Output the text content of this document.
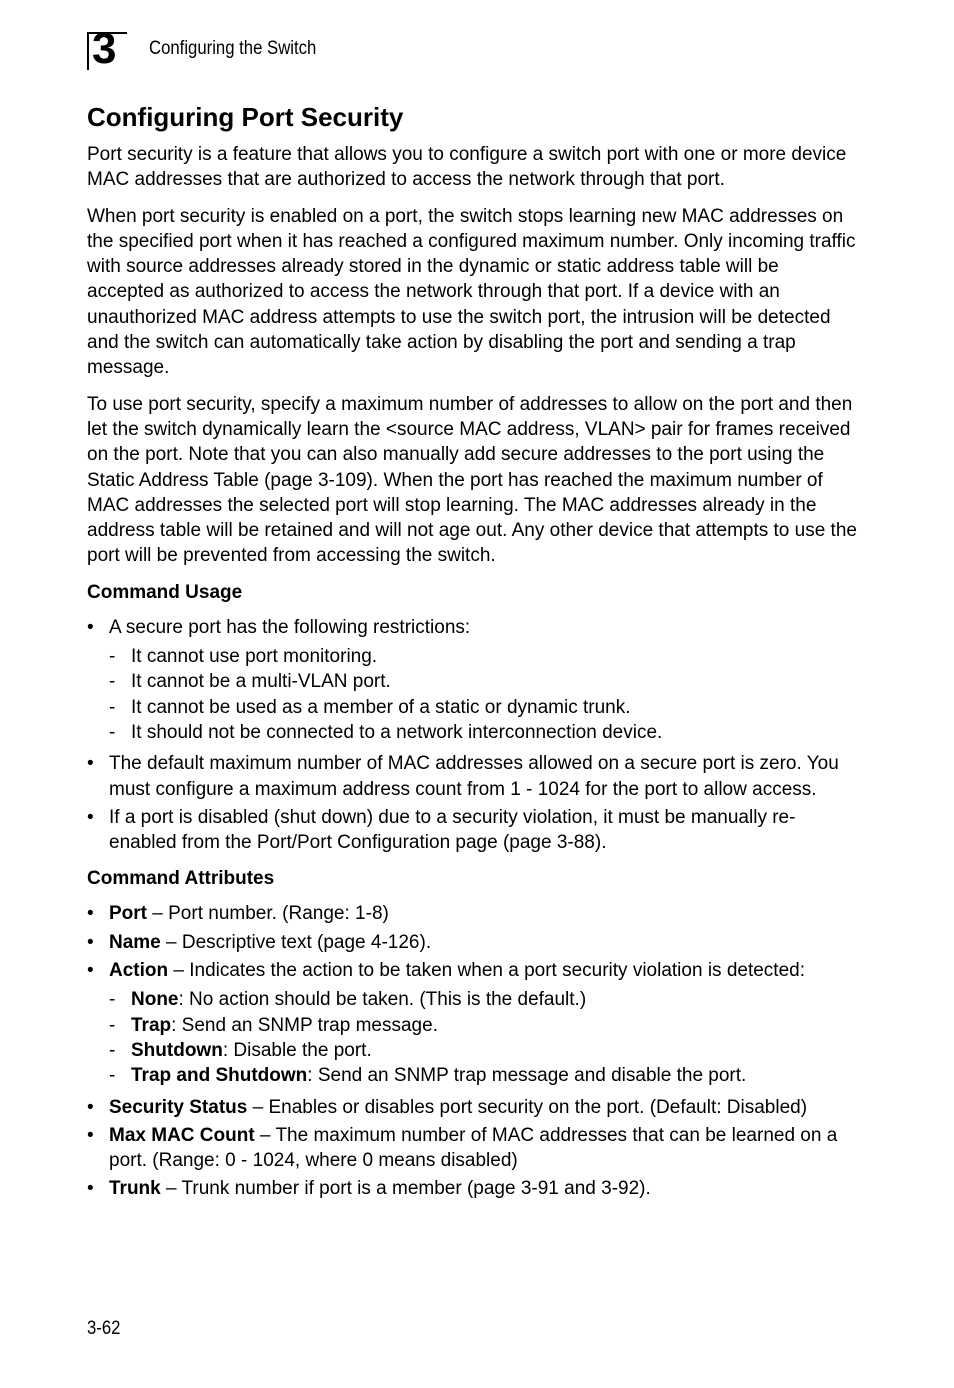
3 Configuring the Switch
Configuring Port Security

Port security is a feature that allows you to configure a switch port with one or more device MAC addresses that are authorized to access the network through that port.

When port security is enabled on a port, the switch stops learning new MAC addresses on the specified port when it has reached a configured maximum number. Only incoming traffic with source addresses already stored in the dynamic or static address table will be accepted as authorized to access the network through that port. If a device with an unauthorized MAC address attempts to use the switch port, the intrusion will be detected and the switch can automatically take action by disabling the port and sending a trap message.

To use port security, specify a maximum number of addresses to allow on the port and then let the switch dynamically learn the <source MAC address, VLAN> pair for frames received on the port. Note that you can also manually add secure addresses to the port using the Static Address Table (page 3-109). When the port has reached the maximum number of MAC addresses the selected port will stop learning. The MAC addresses already in the address table will be retained and will not age out. Any other device that attempts to use the port will be prevented from accessing the switch.

Command Usage
• A secure port has the following restrictions:
- It cannot use port monitoring.
- It cannot be a multi-VLAN port.
- It cannot be used as a member of a static or dynamic trunk.
- It should not be connected to a network interconnection device.
• The default maximum number of MAC addresses allowed on a secure port is zero. You must configure a maximum address count from 1 - 1024 for the port to allow access.
• If a port is disabled (shut down) due to a security violation, it must be manually re-enabled from the Port/Port Configuration page (page 3-88).
Command Attributes
• Port – Port number. (Range: 1-8)
• Name – Descriptive text (page 4-126).
• Action – Indicates the action to be taken when a port security violation is detected:
- None: No action should be taken. (This is the default.)
- Trap: Send an SNMP trap message.
- Shutdown: Disable the port.
- Trap and Shutdown: Send an SNMP trap message and disable the port.
• Security Status – Enables or disables port security on the port. (Default: Disabled)
• Max MAC Count – The maximum number of MAC addresses that can be learned on a port. (Range: 0 - 1024, where 0 means disabled)
• Trunk – Trunk number if port is a member (page 3-91 and 3-92).
3-62
